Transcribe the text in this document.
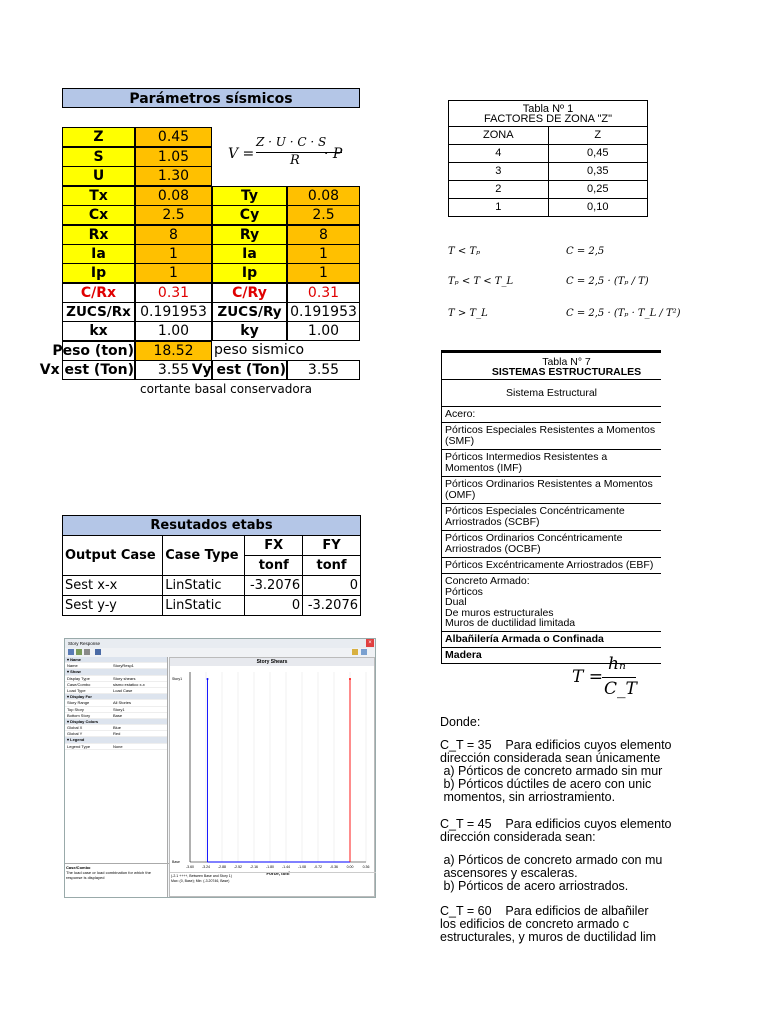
Parámetros sísmicos
Z	0.45
S	1.05
U	1.30
Tx	0.08	Ty	0.08
Cx	2.5	Cy	2.5
Rx	8	Ry	8
Ia	1	Ia	1
Ip	1	Ip	1
C/Rx	0.31	C/Ry	0.31
ZUCS/Rx 0.191953 ZUCS/Ry 0.191953
kx	1.00	ky	1.00
Peso (ton)	18.52	peso sismico
Vx est (Ton)	3.55 Vy est (Ton)	3.55
cortante basal conservadora
V =
Z · U · C · S
R · P
Tabla Nº 1
FACTORES DE ZONA "Z"
ZONA	Z
4	0,45
3	0,35
2	0,25
1	0,10
T < Tₚ	C = 2,5
Tₚ < T < T_L	C = 2,5 · (Tₚ / T)
T > T_L	C = 2,5 · (Tₚ · T_L / T²)
Tabla N° 7
SISTEMAS ESTRUCTURALES
Sistema Estructural
Acero:
Pórticos Especiales Resistentes a Momentos (SMF)
Pórticos Intermedios Resistentes a Momentos (IMF)
Pórticos Ordinarios Resistentes a Momentos (OMF)
Pórticos Especiales Concéntricamente Arriostrados (SCBF)
Pórticos Ordinarios Concéntricamente Arriostrados (OCBF)
Pórticos Excéntricamente Arriostrados (EBF)
Concreto Armado:
Pórticos
Dual
De muros estructurales
Muros de ductilidad limitada
Albañilería Armada o Confinada
Madera
T =
hₙ
C_T
Donde:
C_T = 35    Para edificios cuyos elemento
dirección considerada sean únicamente
a) Pórticos de concreto armado sin mur
b) Pórticos dúctiles de acero con unic
momentos, sin arriostramiento.
C_T = 45    Para edificios cuyos elemento
dirección considerada sean:
a) Pórticos de concreto armado con mu
ascensores y escaleras.
b) Pórticos de acero arriostrados.
C_T = 60    Para edificios de albañiler
los edificios de concreto armado c
estructurales, y muros de ductilidad lim
Resutados etabs			
Output Case	Case Type	FX	FY
		tonf	tonf
Sest x-x	LinStatic	-3.2076	0
Sest y-y	LinStatic	0	-3.2076
Story Response	×
▾ Name
Name	StoryResp1
▾ Show
Display Type	Story shears
Case/Combo	sismo estatico x-x
Load Type	Load Case
▾ Display For
Story Range	All Stories
Top Story	Story1
Bottom Story	Base
▾ Display Colors
Global X	Blue
Global Y	Red
▾ Legend
Legend Type	None
Case/Combo
The load case or load combination for which the response is displayed
Story Shears
-3.60 -3.24 -2.88 -2.52 -2.16 -1.80 -1.44 -1.08 -0.72 -0.36 0.00	0.36
Story1
Base
Force, tonf
(-2.1 ++++, Between Base and Story 1)
Max: (0, Base); Min: (-3.20746, Base)
